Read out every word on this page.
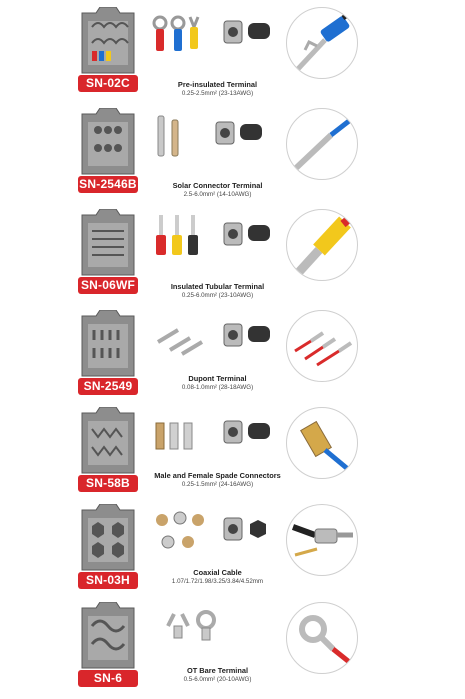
SN-02C	Pre-insulated Terminal
0.25-2.5mm² (23-13AWG)
SN-2546B	Solar Connector Terminal
2.5-6.0mm² (14-10AWG)
SN-06WF	Insulated Tubular Terminal
0.25-6.0mm² (23-10AWG)
SN-2549
Dupont Terminal
0.08-1.0mm² (28-18AWG)
SN-58B
Male and Female Spade Connectors
0.25-1.5mm² (24-16AWG)
SN-03H
Coaxial Cable
1.07/1.72/1.98/3.25/3.84/4.52mm
SN-6
OT Bare Terminal
0.5-6.0mm² (20-10AWG)
